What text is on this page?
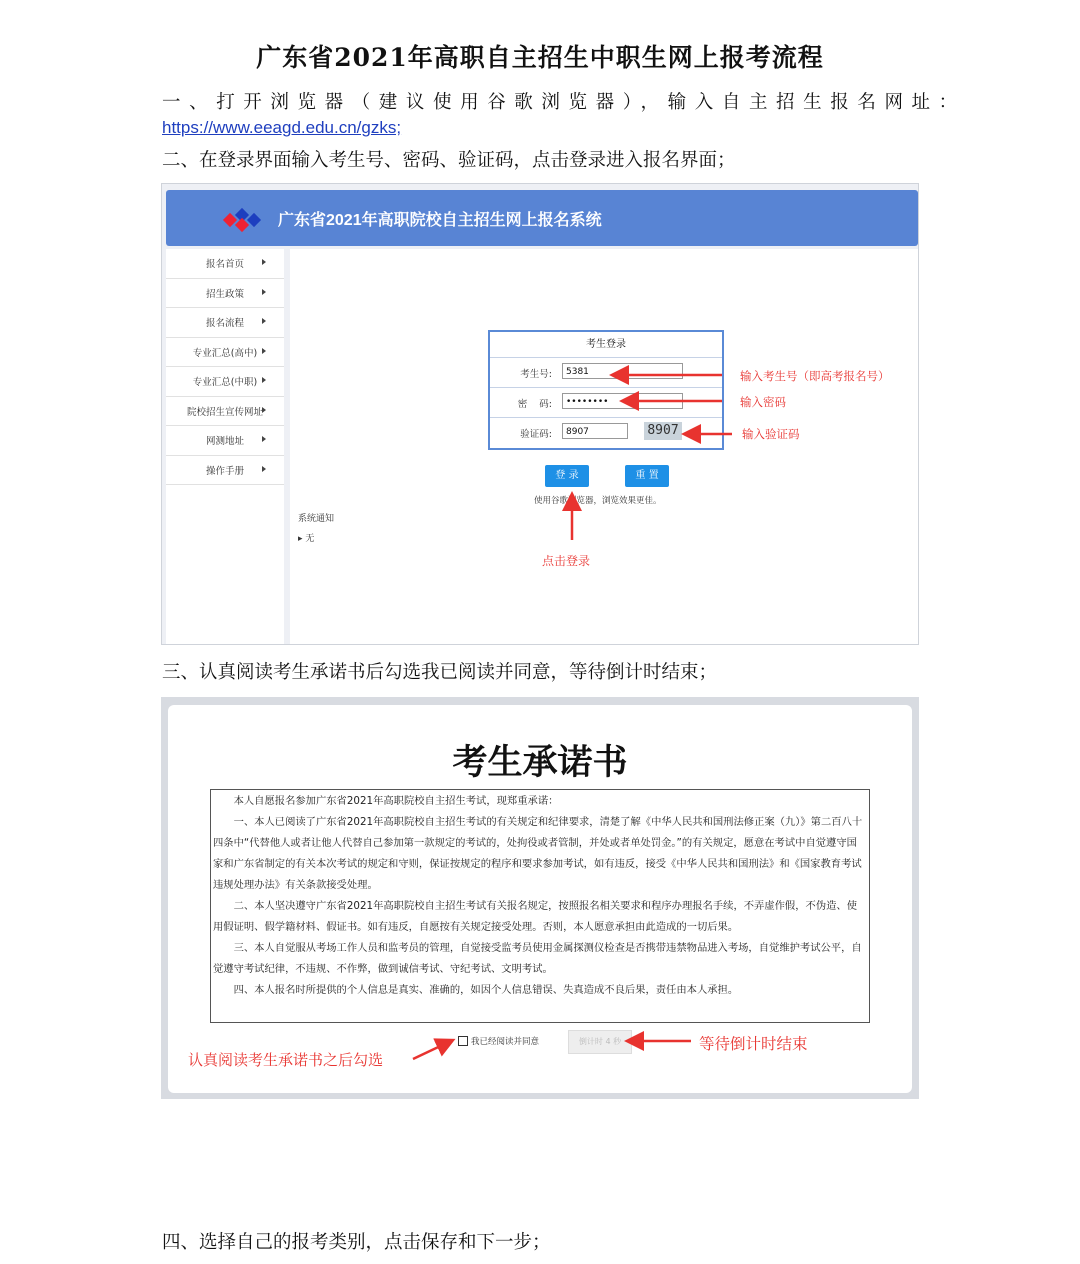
广东省2021年高职自主招生中职生网上报考流程
一、打开浏览器（建议使用谷歌浏览器），输入自主招生报名网址：
https://www.eeagd.edu.cn/gzks;
二、在登录界面输入考生号、密码、验证码，点击登录进入报名界面；
广东省2021年高职院校自主招生网上报名系统
报名首页
招生政策
报名流程
专业汇总(高中)
专业汇总(中职)
院校招生宣传网址
网测地址
操作手册
考生登录
考生号:	5381
密    码:	••••••••
验证码:	8907	8907
登 录	重 置
使用谷歌浏览器，浏览效果更佳。
系统通知
▸ 无
输入考生号（即高考报名号）
输入密码
输入验证码
点击登录
三、认真阅读考生承诺书后勾选我已阅读并同意，等待倒计时结束；
考生承诺书

　　本人自愿报名参加广东省2021年高职院校自主招生考试，现郑重承诺：

　　一、本人已阅读了广东省2021年高职院校自主招生考试的有关规定和纪律要求，清楚了解《中华人民共和国刑法修正案（九）》第二百八十四条中“代替他人或者让他人代替自己参加第一款规定的考试的，处拘役或者管制，并处或者单处罚金。”的有关规定，愿意在考试中自觉遵守国家和广东省制定的有关本次考试的规定和守则，保证按规定的程序和要求参加考试，如有违反，接受《中华人民共和国刑法》和《国家教育考试违规处理办法》有关条款接受处理。

　　二、本人坚决遵守广东省2021年高职院校自主招生考试有关报名规定，按照报名相关要求和程序办理报名手续，不弄虚作假，不伪造、使用假证明、假学籍材料、假证书。如有违反，自愿按有关规定接受处理。否则，本人愿意承担由此造成的一切后果。

　　三、本人自觉服从考场工作人员和监考员的管理，自觉接受监考员使用金属探测仪检查是否携带违禁物品进入考场，自觉维护考试公平，自觉遵守考试纪律，不违规、不作弊，做到诚信考试、守纪考试、文明考试。

　　四、本人报名时所提供的个人信息是真实、准确的，如因个人信息错误、失真造成不良后果，责任由本人承担。

我已经阅读并同意	倒计时 4 秒
认真阅读考生承诺书之后勾选
等待倒计时结束
四、选择自己的报考类别，点击保存和下一步；
